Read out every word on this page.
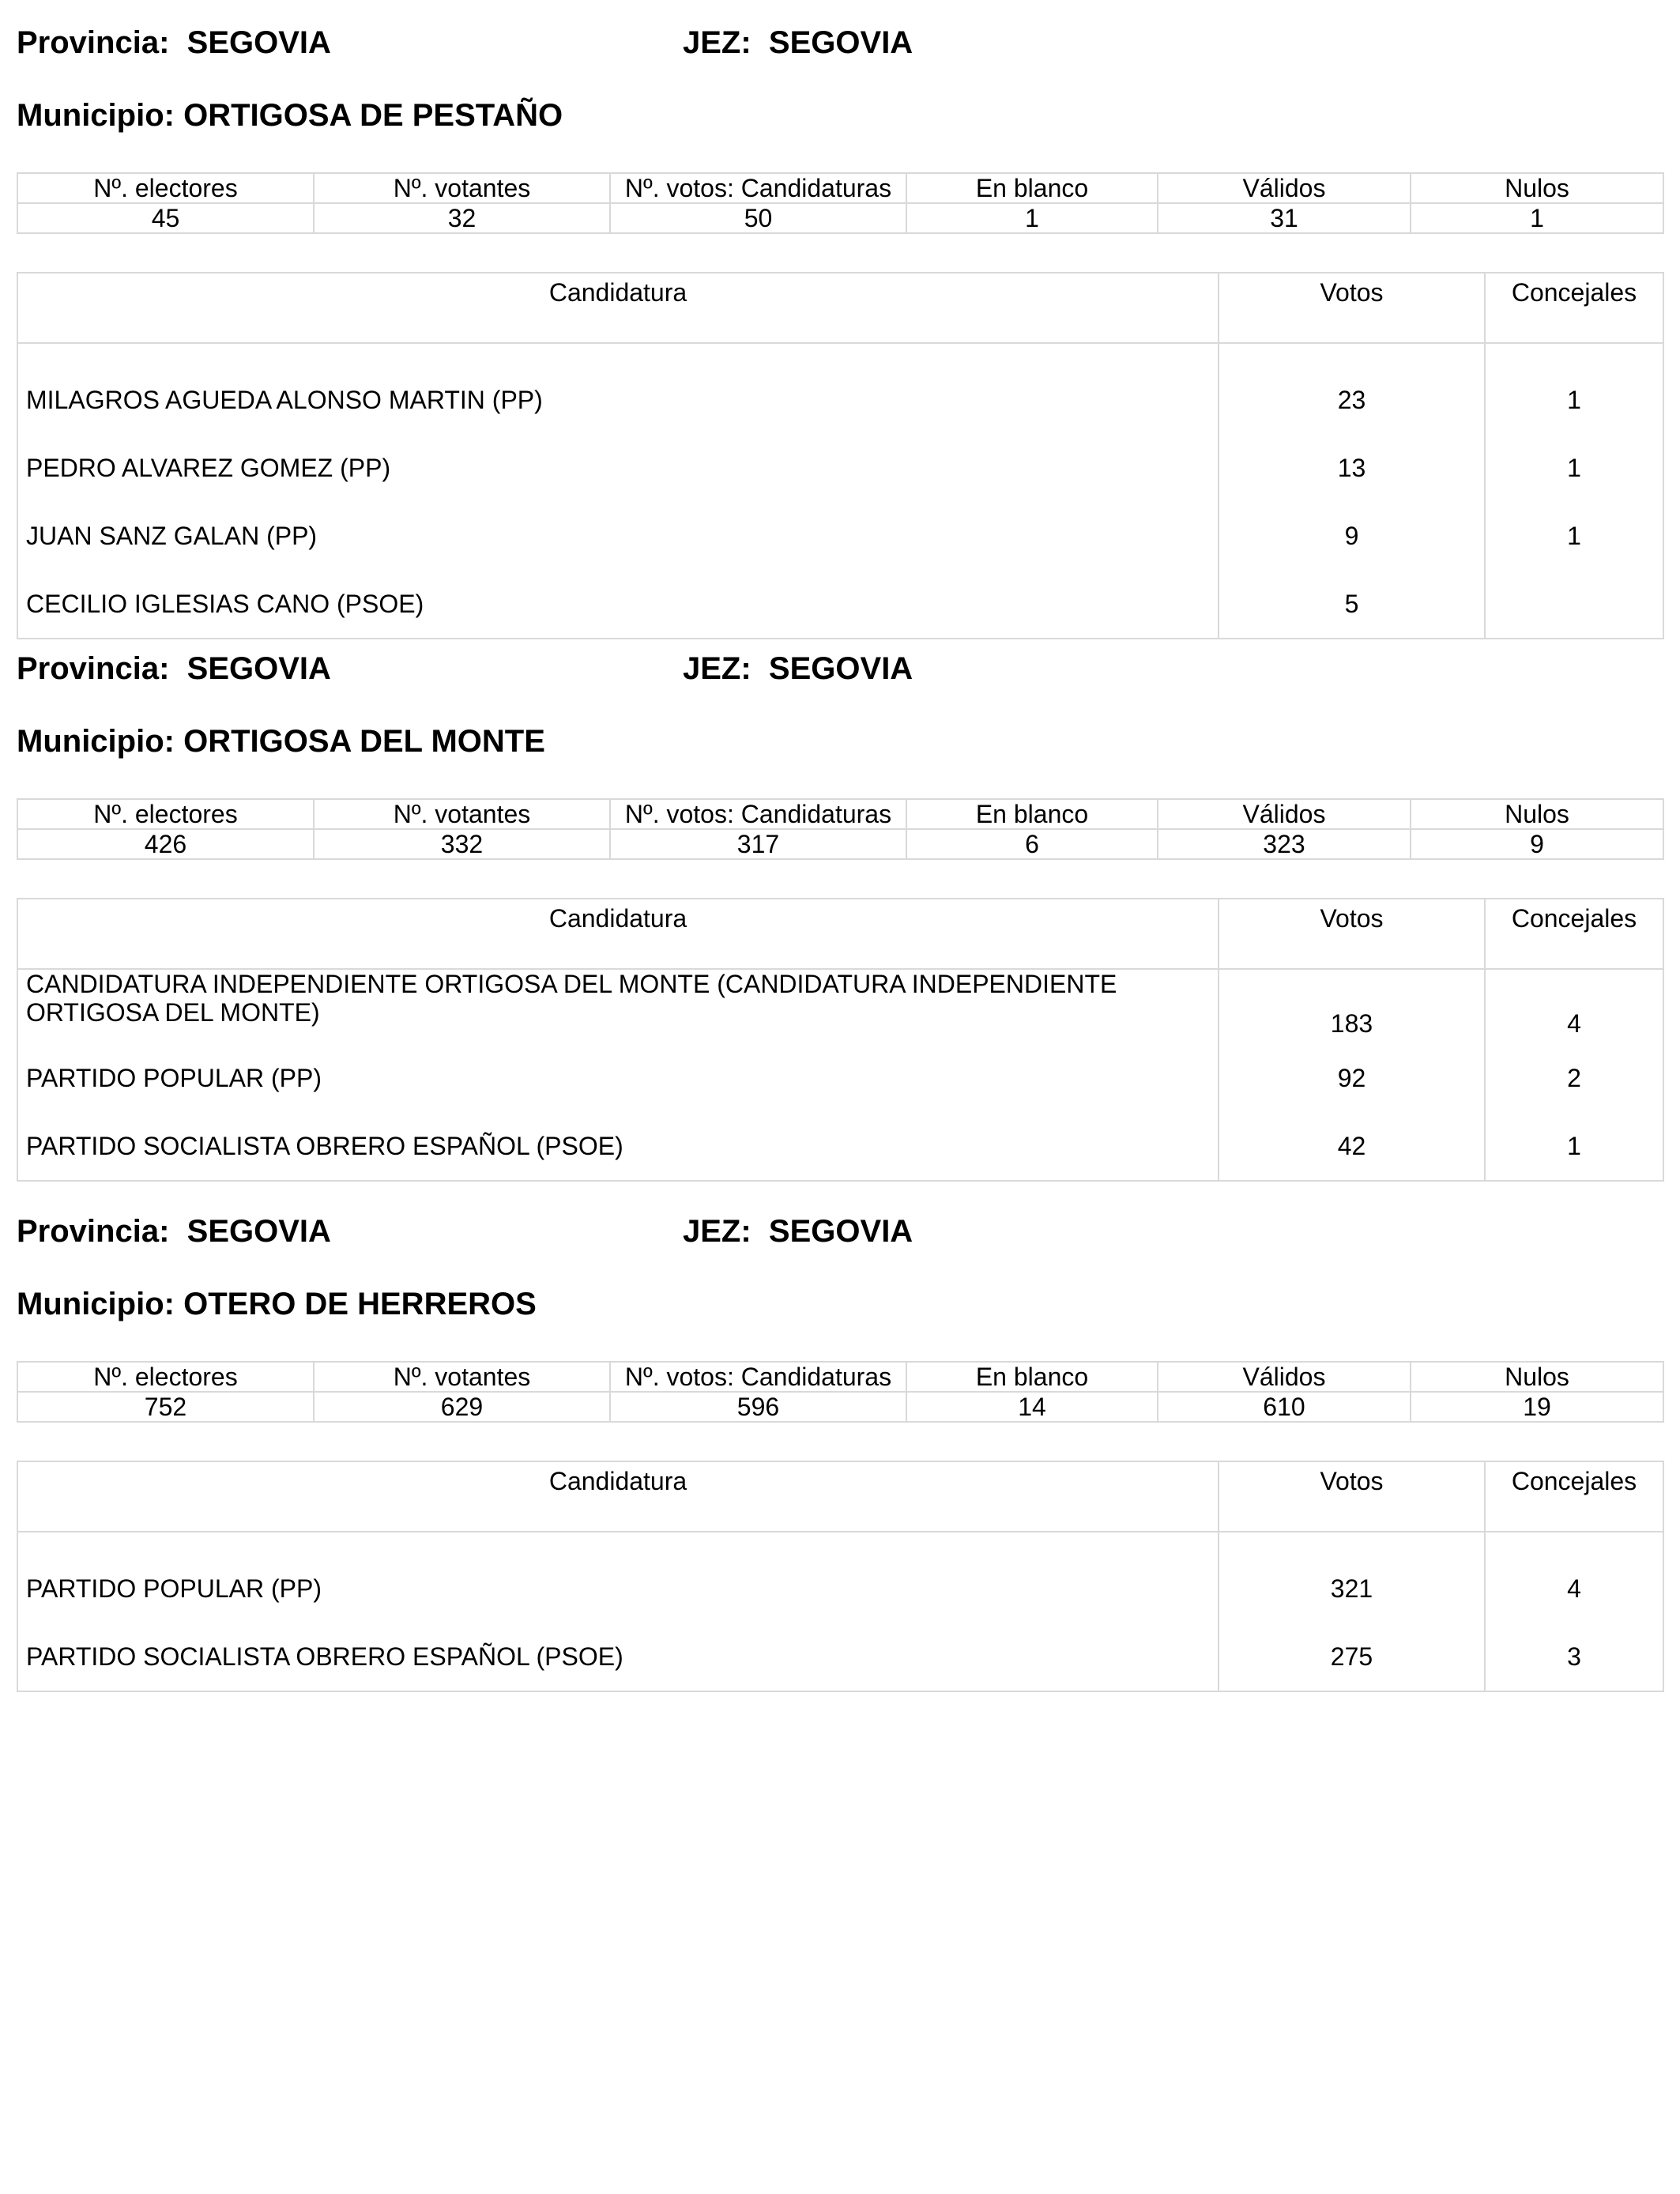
Provincia: SEGOVIA	JEZ: SEGOVIA
Municipio: ORTIGOSA DE PESTAÑO
Nº. electores	Nº. votantes	Nº. votos: Candidaturas	En blanco	Válidos	Nulos
45	32	50	1	31	1
Candidatura	Votos	Concejales
MILAGROS AGUEDA ALONSO MARTIN (PP)	23	1
PEDRO ALVAREZ GOMEZ (PP)	13	1
JUAN SANZ GALAN (PP)	9	1
CECILIO IGLESIAS CANO (PSOE)	5	
Provincia: SEGOVIA	JEZ: SEGOVIA
Municipio: ORTIGOSA DEL MONTE
Nº. electores	Nº. votantes	Nº. votos: Candidaturas	En blanco	Válidos	Nulos
426	332	317	6	323	9
Candidatura	Votos	Concejales
CANDIDATURA INDEPENDIENTE ORTIGOSA DEL MONTE (CANDIDATURA INDEPENDIENTE ORTIGOSA DEL MONTE)	183	4
PARTIDO POPULAR (PP)	92	2
PARTIDO SOCIALISTA OBRERO ESPAÑOL (PSOE)	42	1
Provincia: SEGOVIA	JEZ: SEGOVIA
Municipio: OTERO DE HERREROS
Nº. electores	Nº. votantes	Nº. votos: Candidaturas	En blanco	Válidos	Nulos
752	629	596	14	610	19
Candidatura	Votos	Concejales
PARTIDO POPULAR (PP)	321	4
PARTIDO SOCIALISTA OBRERO ESPAÑOL (PSOE)	275	3
